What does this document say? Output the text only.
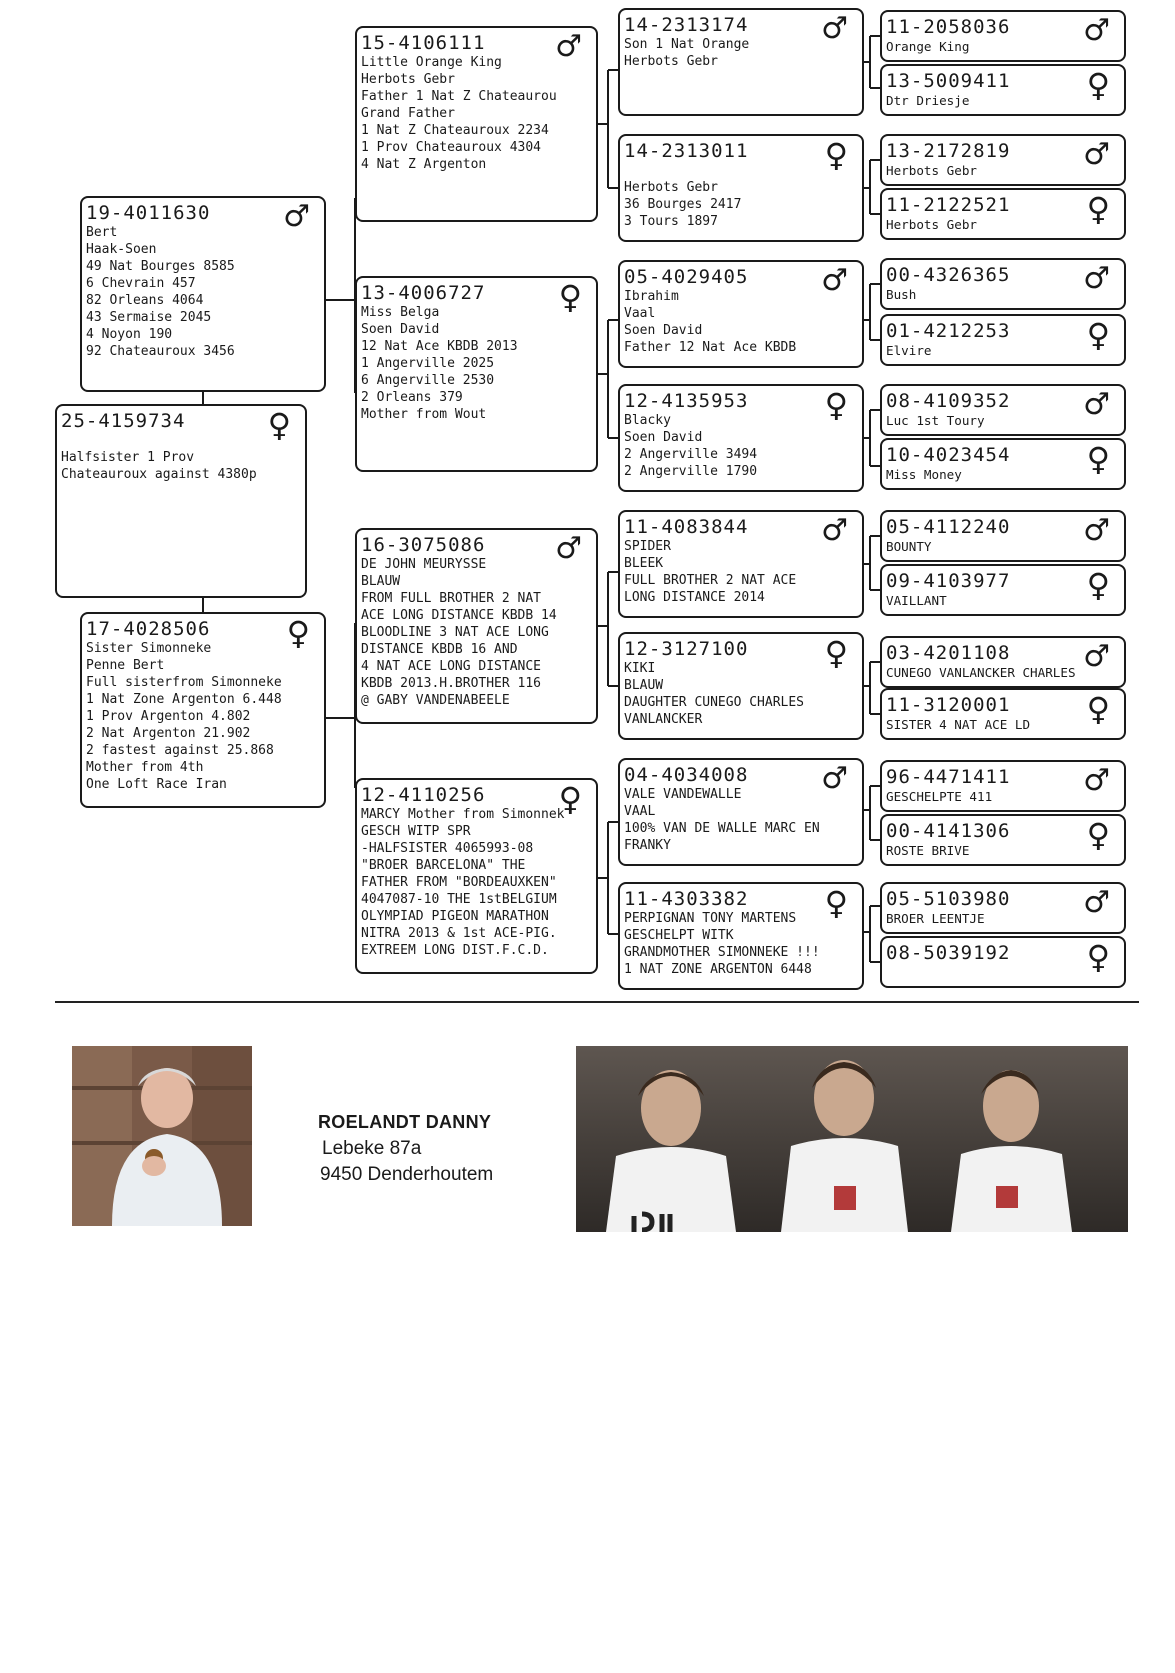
25-4159734	♀

Halfsister 1 Prov
Chateauroux against 4380p
19-4011630	♂
Bert
Haak-Soen
49 Nat Bourges 8585
6 Chevrain 457
82 Orleans 4064
43 Sermaise 2045
4 Noyon 190
92 Chateauroux 3456
17-4028506	♀
Sister Simonneke
Penne Bert
Full sisterfrom Simonneke
1 Nat Zone Argenton 6.448
1 Prov Argenton 4.802
2 Nat Argenton 21.902
2 fastest against 25.868
Mother from 4th
One Loft Race Iran
15-4106111	♂
Little Orange King
Herbots Gebr
Father 1 Nat Z Chateaurou
Grand Father
1 Nat Z Chateauroux 2234
1 Prov Chateauroux 4304
4 Nat Z Argenton
13-4006727	♀
Miss Belga
Soen David
12 Nat Ace KBDB 2013
1 Angerville 2025
6 Angerville 2530
2 Orleans 379
Mother from Wout
16-3075086	♂
DE JOHN MEURYSSE
BLAUW
FROM FULL BROTHER 2 NAT
ACE LONG DISTANCE KBDB 14
BLOODLINE 3 NAT ACE LONG
DISTANCE KBDB 16 AND
4 NAT ACE LONG DISTANCE
KBDB 2013.H.BROTHER 116
@ GABY VANDENABEELE
12-4110256	♀
MARCY Mother from Simonnek
GESCH WITP SPR
-HALFSISTER 4065993-08
"BROER BARCELONA" THE
FATHER FROM "BORDEAUXKEN"
4047087-10 THE 1stBELGIUM
OLYMPIAD PIGEON MARATHON
NITRA 2013 & 1st ACE-PIG.
EXTREEM LONG DIST.F.C.D.
14-2313174	♂
Son 1 Nat Orange
Herbots Gebr
14-2313011	♀

Herbots Gebr
36 Bourges 2417
3 Tours 1897
05-4029405	♂
Ibrahim
Vaal
Soen David
Father 12 Nat Ace KBDB
12-4135953	♀
Blacky
Soen David
2 Angerville 3494
2 Angerville 1790
11-4083844	♂
SPIDER
BLEEK
FULL BROTHER 2 NAT ACE
LONG DISTANCE 2014
12-3127100	♀
KIKI
BLAUW
DAUGHTER CUNEGO CHARLES
VANLANCKER
04-4034008	♂
VALE VANDEWALLE
VAAL
100% VAN DE WALLE MARC EN
FRANKY
11-4303382	♀
PERPIGNAN TONY MARTENS
GESCHELPT WITK
GRANDMOTHER SIMONNEKE !!!
1 NAT ZONE ARGENTON 6448
11-2058036	♂
Orange King
13-5009411	♀
Dtr Driesje
13-2172819	♂
Herbots Gebr
11-2122521	♀
Herbots Gebr
00-4326365	♂
Bush
01-4212253	♀
Elvire
08-4109352	♂
Luc 1st Toury
10-4023454	♀
Miss Money
05-4112240	♂
BOUNTY
09-4103977	♀
VAILLANT
03-4201108	♂
CUNEGO VANLANCKER CHARLES
11-3120001	♀
SISTER 4 NAT ACE LD
96-4471411	♂
GESCHELPTE 411
00-4141306	♀
ROSTE BRIVE
05-5103980	♂
BROER LEENTJE
08-5039192	♀
ROELANDT DANNY
Lebeke 87a
9450 Denderhoutem
